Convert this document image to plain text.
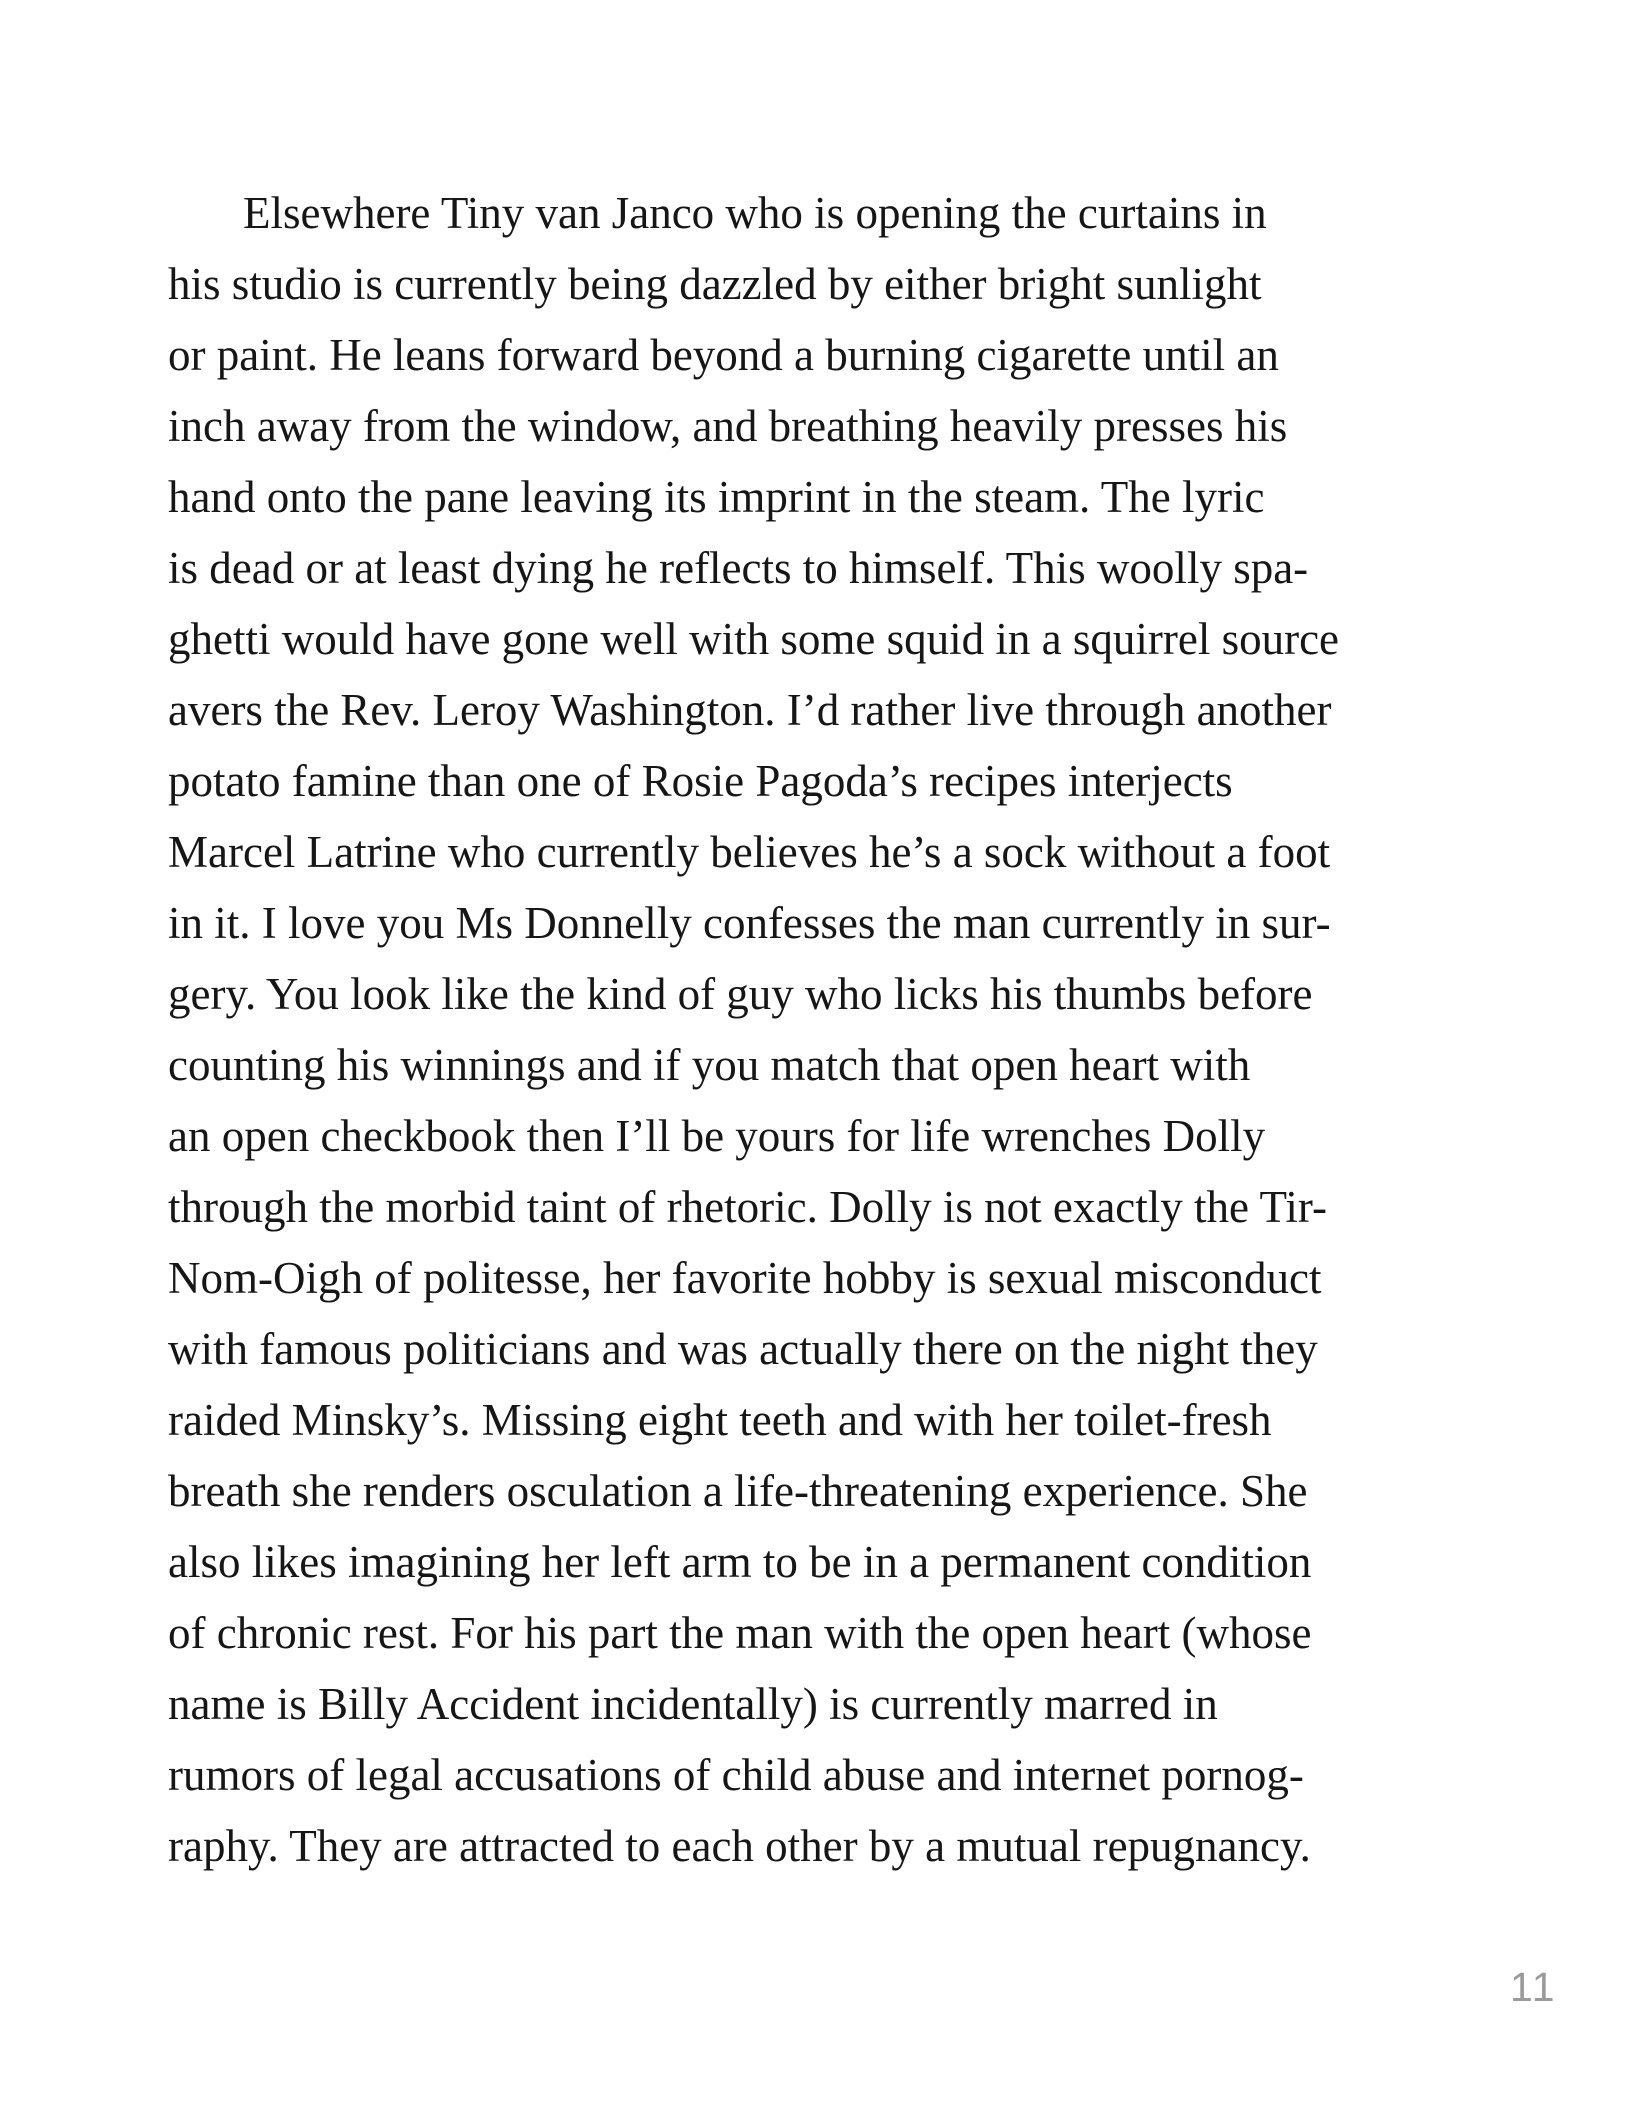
Elsewhere Tiny van Janco who is opening the curtains in
his studio is currently being dazzled by either bright sunlight
or paint. He leans forward beyond a burning cigarette until an
inch away from the window, and breathing heavily presses his
hand onto the pane leaving its imprint in the steam. The lyric
is dead or at least dying he reflects to himself. This woolly spa-
ghetti would have gone well with some squid in a squirrel source
avers the Rev. Leroy Washington. I’d rather live through another
potato famine than one of Rosie Pagoda’s recipes interjects
Marcel Latrine who currently believes he’s a sock without a foot
in it. I love you Ms Donnelly confesses the man currently in sur-
gery. You look like the kind of guy who licks his thumbs before
counting his winnings and if you match that open heart with
an open checkbook then I’ll be yours for life wrenches Dolly
through the morbid taint of rhetoric. Dolly is not exactly the Tir-
Nom-Oigh of politesse, her favorite hobby is sexual misconduct
with famous politicians and was actually there on the night they
raided Minsky’s. Missing eight teeth and with her toilet-fresh
breath she renders osculation a life-threatening experience. She
also likes imagining her left arm to be in a permanent condition
of chronic rest. For his part the man with the open heart (whose
name is Billy Accident incidentally) is currently marred in
rumors of legal accusations of child abuse and internet pornog-
raphy. They are attracted to each other by a mutual repugnancy.
11
